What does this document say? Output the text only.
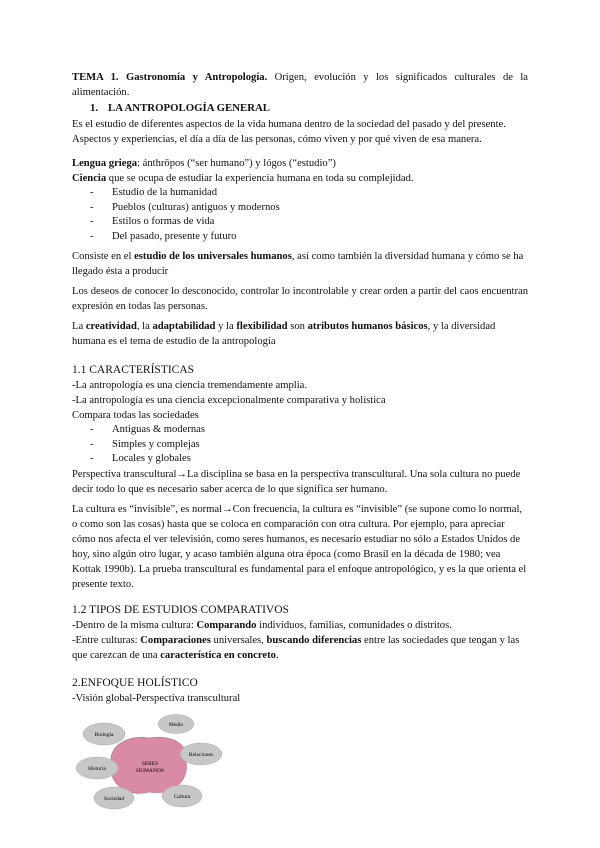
TEMA 1. Gastronomía y Antropología. Origen, evolución y los significados culturales de la alimentación.

1. LA ANTROPOLOGÍA GENERAL

Es el estudio de diferentes aspectos de la vida humana dentro de la sociedad del pasado y del presente. Aspectos y experiencias, el día a día de las personas, cómo viven y por qué viven de esa manera.

Lengua griega: ánthrōpos (“ser humano”) y lógos (“estudio”)

Ciencia que se ocupa de estudiar la experiencia humana en toda su complejidad.

- Estudio de la humanidad
- Pueblos (culturas) antiguos y modernos
- Estilos o formas de vida
- Del pasado, presente y futuro

Consiste en el estudio de los universales humanos, así como también la diversidad humana y cómo se ha llegado ésta a producir

Los deseos de conocer lo desconocido, controlar lo incontrolable y crear orden a partir del caos encuentran expresión en todas las personas.

La creatividad, la adaptabilidad y la flexibilidad son atributos humanos básicos, y la diversidad humana es el tema de estudio de la antropología

1.1 CARACTERÍSTICAS

-La antropología es una ciencia tremendamente amplia.

-La antropología es una ciencia excepcionalmente comparativa y holística

Compara todas las sociedades

- Antiguas & modernas
- Simples y complejas
- Locales y globales

Perspectiva transcultural→La disciplina se basa en la perspectiva transcultural. Una sola cultura no puede decir todo lo que es necesario saber acerca de lo que significa ser humano.

La cultura es “invisible”, es normal→Con frecuencia, la cultura es “invisible” (se supone como lo normal, o como son las cosas) hasta que se coloca en comparación con otra cultura. Por ejemplo, para apreciar cómo nos afecta el ver televisión, como seres humanos, es necesario estudiar no sólo a Estados Unidos de hoy, sino algún otro lugar, y acaso también alguna otra época (como Brasil en la década de 1980; vea Kottak 1990b). La prueba transcultural es fundamental para el enfoque antropológico, y es la que orienta el presente texto.

1.2 TIPOS DE ESTUDIOS COMPARATIVOS

-Dentro de la misma cultura: Comparando individuos, familias, comunidades o distritos.

-Entre culturas: Comparaciones universales, buscando diferencias entre las sociedades que tengan y las que carezcan de una característica en concreto.

2.ENFOQUE HOLÍSTICO

-Visión global-Perspectiva transcultural

SERES
HUMANOS
Biología
Medio
Relaciones
Cultura
Sociedad
Historia
